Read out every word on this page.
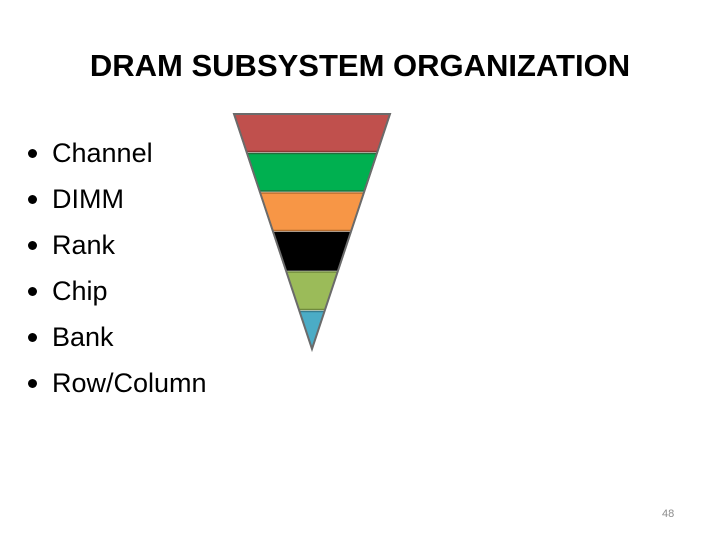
DRAM SUBSYSTEM ORGANIZATION
Channel
DIMM
Rank
Chip
Bank
Row/Column
48
